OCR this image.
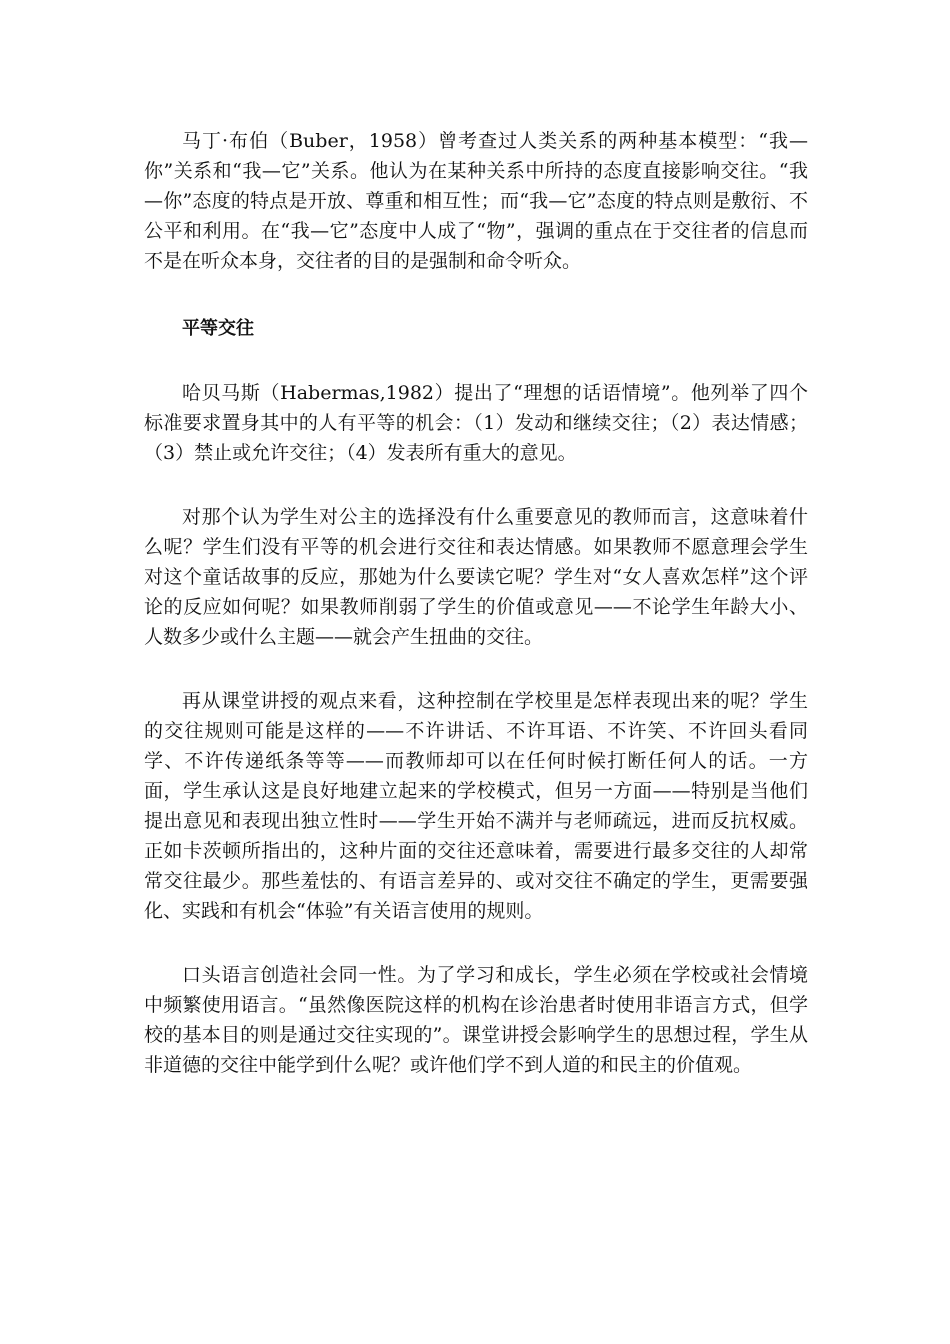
马丁·布伯（Buber，1958）曾考查过人类关系的两种基本模型：“我—你”关系和“我—它”关系。他认为在某种关系中所持的态度直接影响交往。“我—你”态度的特点是开放、尊重和相互性；而“我—它”态度的特点则是敷衍、不公平和利用。在“我—它”态度中人成了“物”，强调的重点在于交往者的信息而不是在听众本身，交往者的目的是强制和命令听众。

平等交往

哈贝马斯（Habermas,1982）提出了“理想的话语情境”。他列举了四个标准要求置身其中的人有平等的机会：（1）发动和继续交往；（2）表达情感；（3）禁止或允许交往；（4）发表所有重大的意见。

对那个认为学生对公主的选择没有什么重要意见的教师而言，这意味着什么呢？学生们没有平等的机会进行交往和表达情感。如果教师不愿意理会学生对这个童话故事的反应，那她为什么要读它呢？学生对“女人喜欢怎样”这个评论的反应如何呢？如果教师削弱了学生的价值或意见——不论学生年龄大小、人数多少或什么主题——就会产生扭曲的交往。

再从课堂讲授的观点来看，这种控制在学校里是怎样表现出来的呢？学生的交往规则可能是这样的——不许讲话、不许耳语、不许笑、不许回头看同学、不许传递纸条等等——而教师却可以在任何时候打断任何人的话。一方面，学生承认这是良好地建立起来的学校模式，但另一方面——特别是当他们提出意见和表现出独立性时——学生开始不满并与老师疏远，进而反抗权威。正如卡茨顿所指出的，这种片面的交往还意味着，需要进行最多交往的人却常常交往最少。那些羞怯的、有语言差异的、或对交往不确定的学生，更需要强化、实践和有机会“体验”有关语言使用的规则。

口头语言创造社会同一性。为了学习和成长，学生必须在学校或社会情境中频繁使用语言。“虽然像医院这样的机构在诊治患者时使用非语言方式，但学校的基本目的则是通过交往实现的”。课堂讲授会影响学生的思想过程，学生从非道德的交往中能学到什么呢？或许他们学不到人道的和民主的价值观。
